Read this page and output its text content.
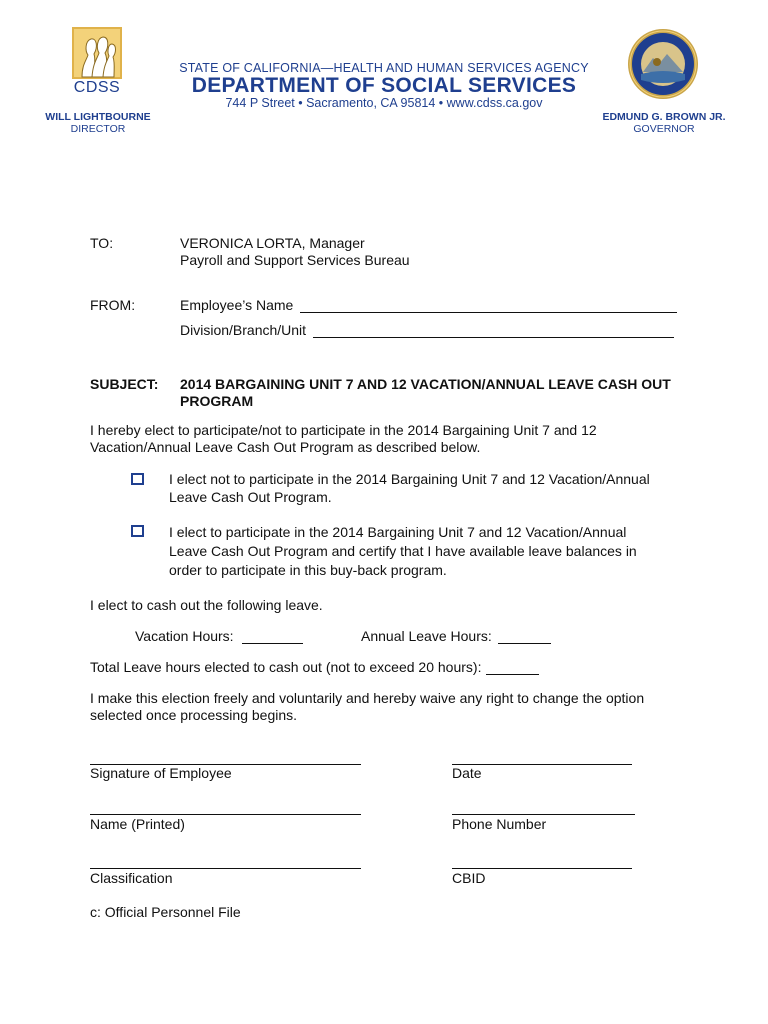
CDSS
WILL LIGHTBOURNE
DIRECTOR
STATE OF CALIFORNIA—HEALTH AND HUMAN SERVICES AGENCY
DEPARTMENT OF SOCIAL SERVICES
744 P Street • Sacramento, CA 95814 • www.cdss.ca.gov
EDMUND G. BROWN JR.
GOVERNOR
TO:	VERONICA LORTA, Manager
Payroll and Support Services Bureau
FROM:	Employee’s Name
Division/Branch/Unit
SUBJECT: 2014 BARGAINING UNIT 7 AND 12 VACATION/ANNUAL LEAVE CASH OUT
PROGRAM
I hereby elect to participate/not to participate in the 2014 Bargaining Unit 7 and 12
Vacation/Annual Leave Cash Out Program as described below.
I elect not to participate in the 2014 Bargaining Unit 7 and 12 Vacation/Annual
Leave Cash Out Program.
I elect to participate in the 2014 Bargaining Unit 7 and 12 Vacation/Annual
Leave Cash Out Program and certify that I have available leave balances in
order to participate in this buy-back program.
I elect to cash out the following leave.
Vacation Hours:	Annual Leave Hours:
Total Leave hours elected to cash out (not to exceed 20 hours):
I make this election freely and voluntarily and hereby waive any right to change the option
selected once processing begins.
Signature of Employee	Date
Name (Printed)	Phone Number
Classification	CBID
c: Official Personnel File
